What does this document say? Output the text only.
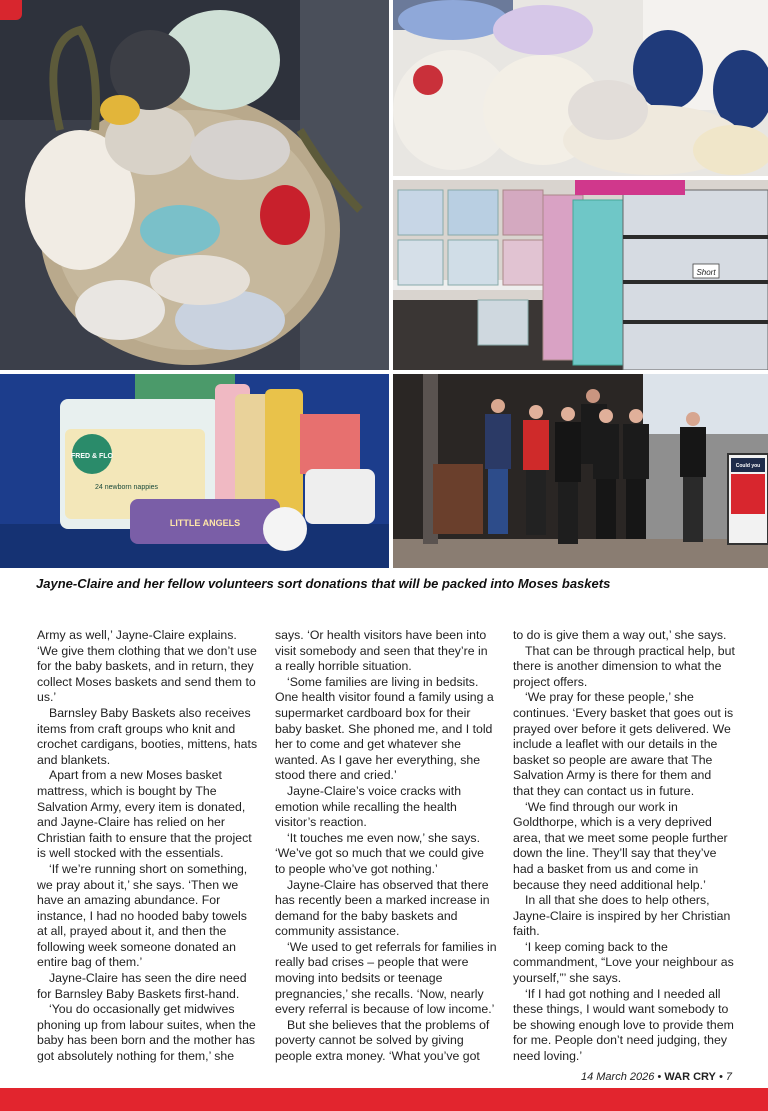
Short
FRED & FLO
24 newborn nappies
LITTLE ANGELS
Could you
Jayne-Claire and her fellow volunteers sort donations that will be packed into Moses baskets

Army as well,’ Jayne-Claire explains. ‘We give them clothing that we don’t use for the baby baskets, and in return, they collect Moses baskets and send them to us.’

Barnsley Baby Baskets also receives items from craft groups who knit and crochet cardigans, booties, mittens, hats and blankets.

Apart from a new Moses basket mattress, which is bought by The Salvation Army, every item is donated, and Jayne-Claire has relied on her Christian faith to ensure that the project is well stocked with the essentials.

‘If we’re running short on something, we pray about it,’ she says. ‘Then we have an amazing abundance. For instance, I had no hooded baby towels at all, prayed about it, and then the following week someone donated an entire bag of them.’

Jayne-Claire has seen the dire need for Barnsley Baby Baskets first-hand.

‘You do occasionally get midwives phoning up from labour suites, when the baby has been born and the mother has got absolutely nothing for them,’ she

says. ‘Or health visitors have been into visit somebody and seen that they’re in a really horrible situation.

‘Some families are living in bedsits. One health visitor found a family using a supermarket cardboard box for their baby basket. She phoned me, and I told her to come and get whatever she wanted. As I gave her everything, she stood there and cried.’

Jayne-Claire’s voice cracks with emotion while recalling the health visitor’s reaction.

‘It touches me even now,’ she says. ‘We’ve got so much that we could give to people who’ve got nothing.’

Jayne-Claire has observed that there has recently been a marked increase in demand for the baby baskets and community assistance.

‘We used to get referrals for families in really bad crises – people that were moving into bedsits or teenage pregnancies,’ she recalls. ‘Now, nearly every referral is because of low income.’

But she believes that the problems of poverty cannot be solved by giving people extra money. ‘What you’ve got

to do is give them a way out,’ she says.

That can be through practical help, but there is another dimension to what the project offers.

‘We pray for these people,’ she continues. ‘Every basket that goes out is prayed over before it gets delivered. We include a leaflet with our details in the basket so people are aware that The Salvation Army is there for them and that they can contact us in future.

‘We find through our work in Goldthorpe, which is a very deprived area, that we meet some people further down the line. They’ll say that they’ve had a basket from us and come in because they need additional help.’

In all that she does to help others, Jayne-Claire is inspired by her Christian faith.

‘I keep coming back to the commandment, “Love your neighbour as yourself,”’ she says.

‘If I had got nothing and I needed all these things, I would want somebody to be showing enough love to provide them for me. People don’t need judging, they need loving.’

14 March 2026 • WAR CRY • 7
